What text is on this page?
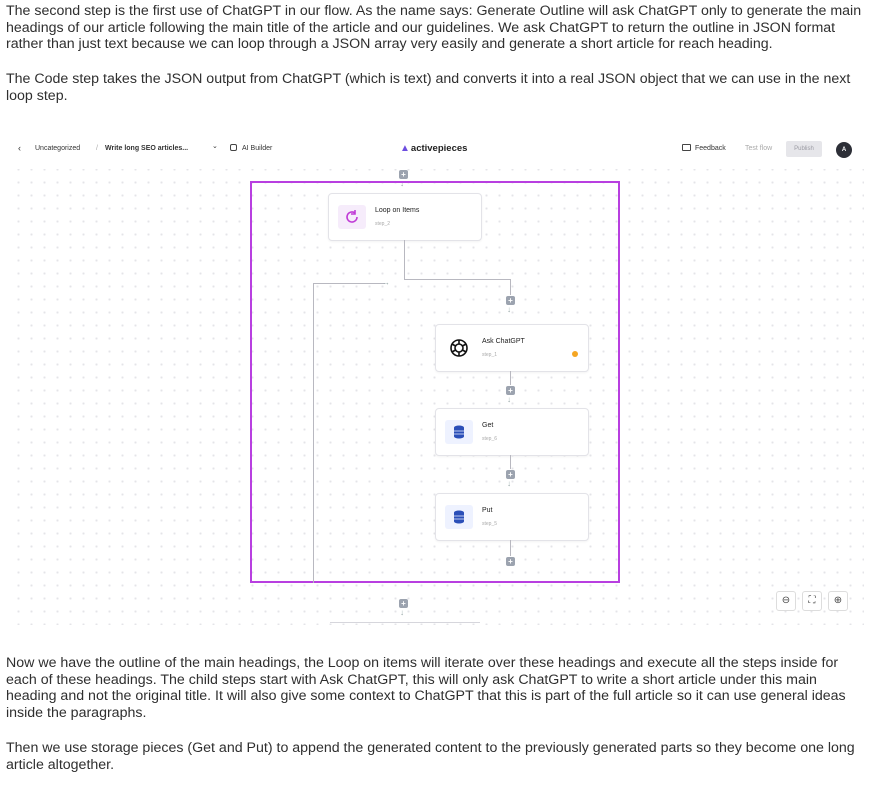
The second step is the first use of ChatGPT in our flow. As the name says: Generate Outline will ask ChatGPT only to generate the main headings of our article following the main title of the article and our guidelines. We ask ChatGPT to return the outline in JSON format rather than just text because we can loop through a JSON array very easily and generate a short article for reach heading.

The Code step takes the JSON output from ChatGPT (which is text) and converts it into a real JSON object that we can use in the next loop step.

‹ Uncategorized / Write long SEO articles...	⌄	AI Builder	▲activepieces	Feedback	Test flow	Publish	A
+
↓
Loop on Items
step_2
→
+
↓
Ask ChatGPT
step_1
+
↓
Get
step_6
+
↓
Put
step_5
+
+
↓
⊖	⛶	⊕

Now we have the outline of the main headings, the Loop on items will iterate over these headings and execute all the steps inside for each of these headings. The child steps start with Ask ChatGPT, this will only ask ChatGPT to write a short article under this main heading and not the original title. It will also give some context to ChatGPT that this is part of the full article so it can use general ideas inside the paragraphs.

Then we use storage pieces (Get and Put) to append the generated content to the previously generated parts so they become one long article altogether.
